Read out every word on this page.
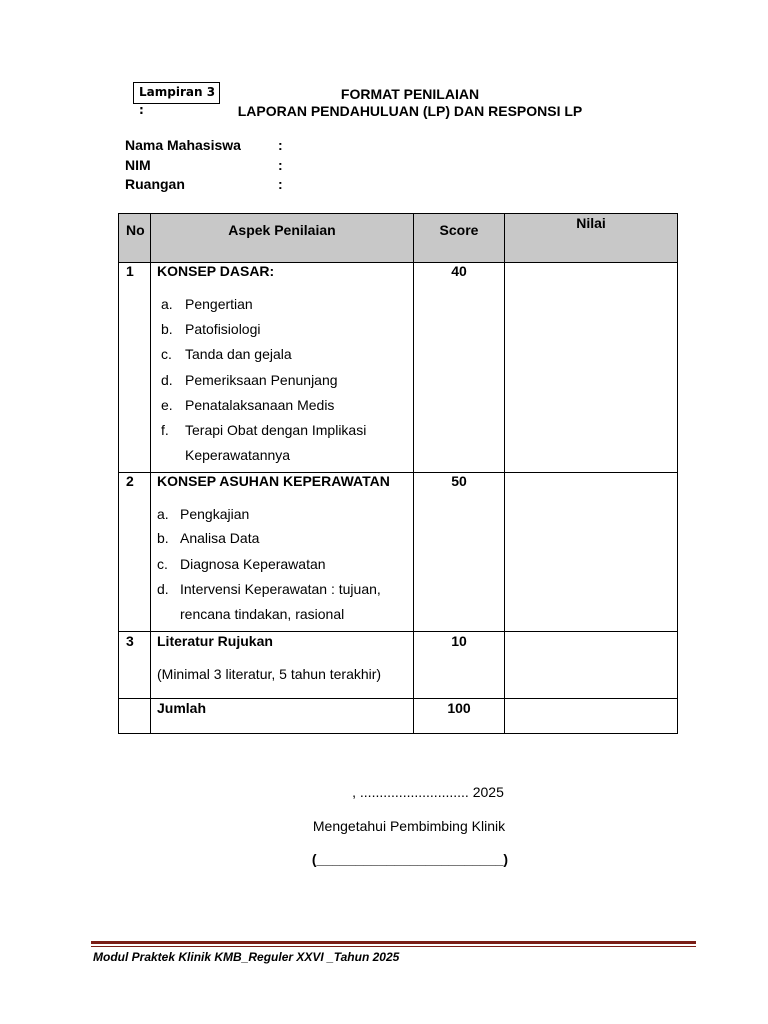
Lampiran 3 :
FORMAT PENILAIAN
LAPORAN PENDAHULUAN (LP) DAN RESPONSI LP
Nama Mahasiswa	:
NIM	:
Ruangan	:
No	Aspek Penilaian	Score	Nilai
1 KONSEP DASAR:	40
a. Pengertian
b. Patofisiologi
c. Tanda dan gejala
d. Pemeriksaan Penunjang
e. Penatalaksanaan Medis
f. Terapi Obat dengan Implikasi
Keperawatannya
2 KONSEP ASUHAN KEPERAWATAN	50
a. Pengkajian
b. Analisa Data
c. Diagnosa Keperawatan
d. Intervensi Keperawatan : tujuan,
rencana tindakan, rasional
3 Literatur Rujukan	10
(Minimal 3 literatur, 5 tahun terakhir)
Jumlah	100
, ............................ 2025
Mengetahui Pembimbing Klinik
(________________________)
Modul Praktek Klinik KMB_Reguler XXVI _Tahun 2025
